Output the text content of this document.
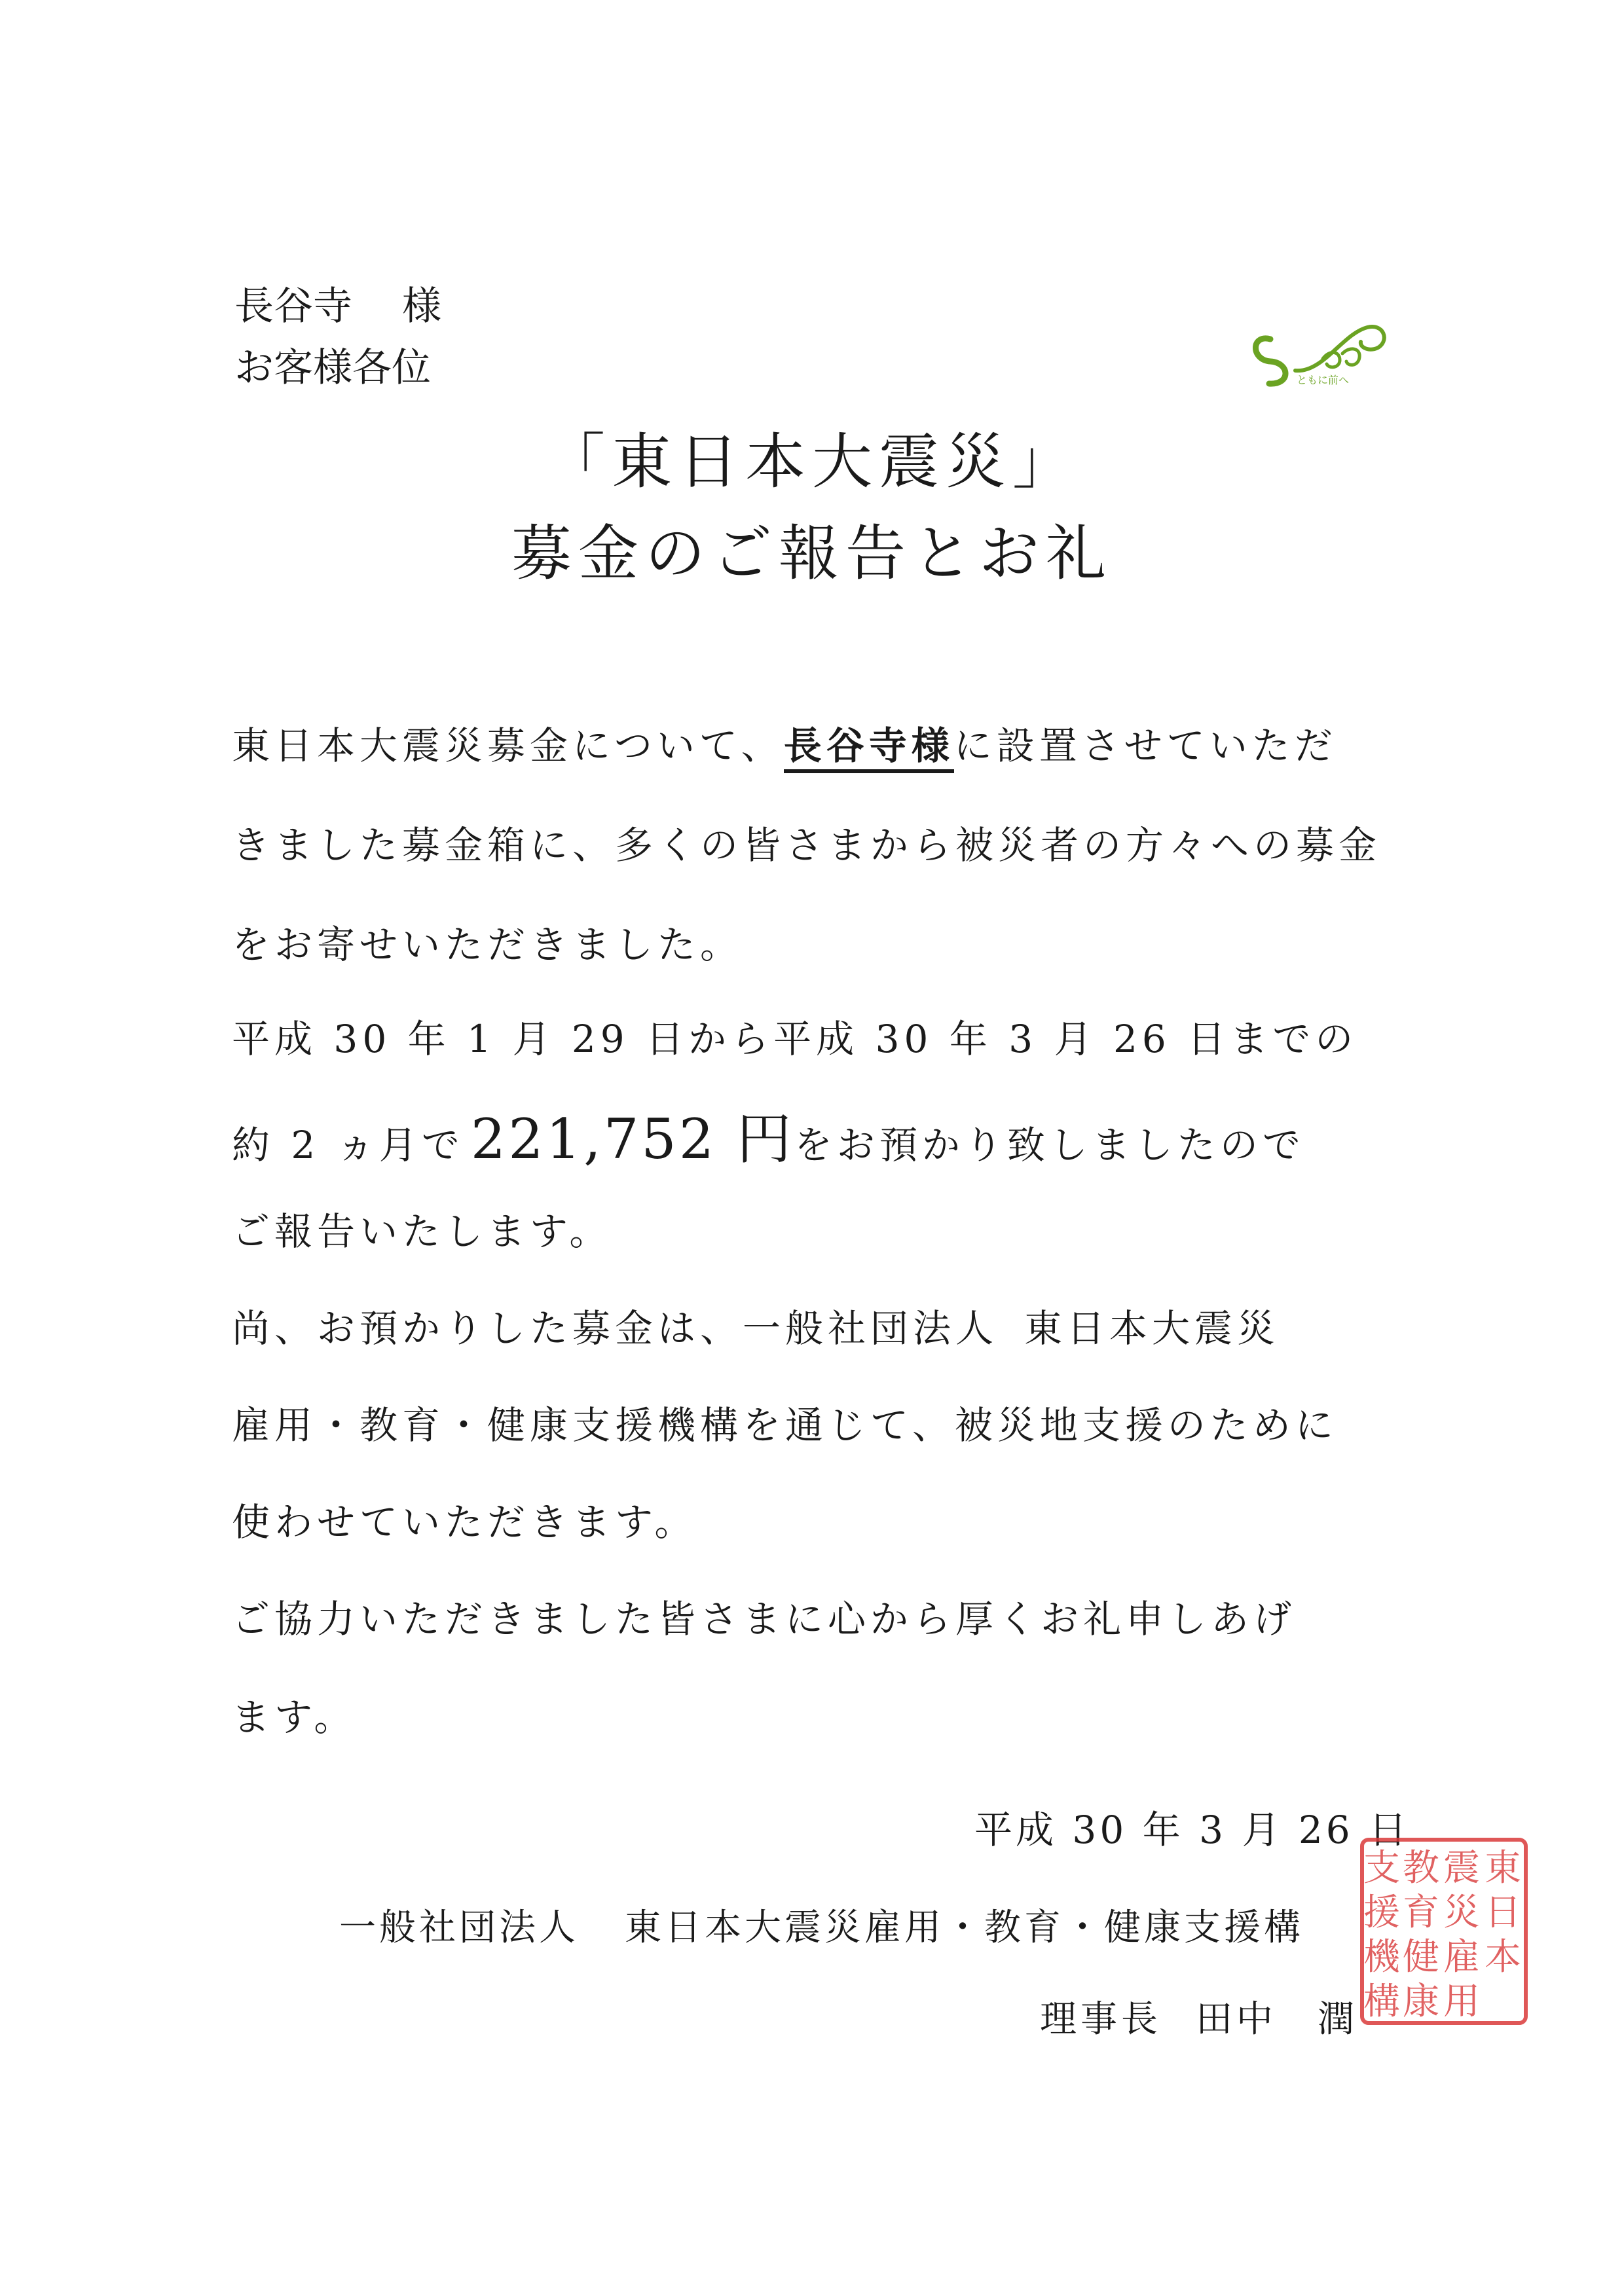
長谷寺 様
お客様各位	ともに前へ
「東日本大震災」
募金のご報告とお礼
東日本大震災募金について、長谷寺様に設置させていただ
きました募金箱に、多くの皆さまから被災者の方々への募金
をお寄せいただきました。
平成 30 年 1 月 29 日から平成 30 年 3 月 26 日までの
約 2 ヵ月で 221,752 円をお預かり致しましたので
ご報告いたします。
尚、お預かりした募金は、一般社団法人 東日本大震災
雇用・教育・健康支援機構を通じて、被災地支援のために
使わせていただきます。
ご協力いただきました皆さまに心から厚くお礼申しあげ
ます。
平成 30 年 3 月 26 日
一般社団法人 東日本大震災雇用・教育・健康支援構
理事長 田中　潤
東
日
本
震
災
雇
用
教
育
健
康
支
援
機
構
